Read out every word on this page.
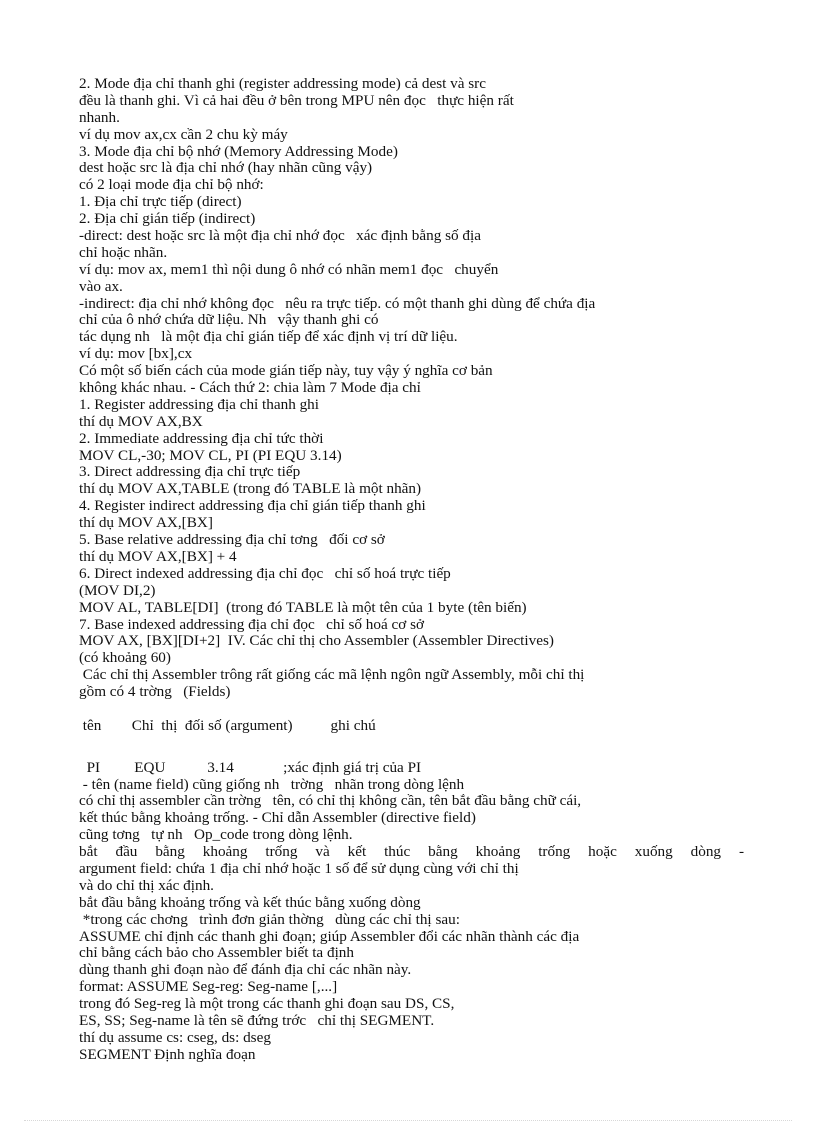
2. Mode địa chỉ thanh ghi (register addressing mode) cả dest và src
đều là thanh ghi. Vì cả hai đều ở bên trong MPU nên đọc   thực hiện rất
nhanh.
ví dụ mov ax,cx cần 2 chu kỳ máy
3. Mode địa chỉ bộ nhớ (Memory Addressing Mode)
dest hoặc src là địa chỉ nhớ (hay nhãn cũng vậy)
có 2 loại mode địa chỉ bộ nhớ:
1. Địa chỉ trực tiếp (direct)
2. Địa chỉ gián tiếp (indirect)
-direct: dest hoặc src là một địa chỉ nhớ đọc   xác định bằng số địa
chỉ hoặc nhãn.
ví dụ: mov ax, mem1 thì nội dung ô nhớ có nhãn mem1 đọc   chuyển
vào ax.
-indirect: địa chỉ nhớ không đọc   nêu ra trực tiếp. có một thanh ghi dùng để chứa địa
chỉ của ô nhớ chứa dữ liệu. Nh   vậy thanh ghi có
tác dụng nh   là một địa chỉ gián tiếp để xác định vị trí dữ liệu.
ví dụ: mov [bx],cx
Có một số biến cách của mode gián tiếp này, tuy vậy ý nghĩa cơ bản
không khác nhau. - Cách thứ 2: chia làm 7 Mode địa chỉ
1. Register addressing địa chỉ thanh ghi
thí dụ MOV AX,BX
2. Immediate addressing địa chỉ tức thời
MOV CL,-30; MOV CL, PI (PI EQU 3.14)
3. Direct addressing địa chỉ trực tiếp
thí dụ MOV AX,TABLE (trong đó TABLE là một nhãn)
4. Register indirect addressing địa chỉ gián tiếp thanh ghi
thí dụ MOV AX,[BX]
5. Base relative addressing địa chỉ tơng   đối cơ sở
thí dụ MOV AX,[BX] + 4
6. Direct indexed addressing địa chỉ đọc   chỉ số hoá trực tiếp
(MOV DI,2)
MOV AL, TABLE[DI]  (trong đó TABLE là một tên của 1 byte (tên biến)
7. Base indexed addressing địa chỉ đọc   chỉ số hoá cơ sở
MOV AX, [BX][DI+2]  IV. Các chỉ thị cho Assembler (Assembler Directives)
(có khoảng 60)
Các chỉ thị Assembler trông rất giống các mã lệnh ngôn ngữ Assembly, mỗi chỉ thị
gồm có 4 trờng   (Fields)
tên        Chỉ  thị  đối số (argument)          ghi chú
PI         EQU           3.14             ;xác định giá trị của PI
- tên (name field) cũng giống nh   trờng   nhãn trong dòng lệnh
có chỉ thị assembler cần trờng   tên, có chỉ thị không cần, tên bắt đầu bằng chữ cái,
kết thúc bằng khoảng trống. - Chỉ dẫn Assembler (directive field)
cũng tơng   tự nh   Op_code trong dòng lệnh.
bắt đầu bằng khoảng trống và kết thúc bằng khoảng trống hoặc xuống dòng -
argument field: chứa 1 địa chỉ nhớ hoặc 1 số để sử dụng cùng với chỉ thị
và do chỉ thị xác định.
bắt đầu bằng khoảng trống và kết thúc bằng xuống dòng
*trong các chơng   trình đơn giản thờng   dùng các chỉ thị sau:
ASSUME chỉ định các thanh ghi đoạn; giúp Assembler đổi các nhãn thành các địa
chỉ bằng cách bảo cho Assembler biết ta định
dùng thanh ghi đoạn nào để đánh địa chỉ các nhãn này.
format: ASSUME Seg-reg: Seg-name [,...]
trong đó Seg-reg là một trong các thanh ghi đoạn sau DS, CS,
ES, SS; Seg-name là tên sẽ đứng trớc   chỉ thị SEGMENT.
thí dụ assume cs: cseg, ds: dseg
SEGMENT Định nghĩa đoạn
